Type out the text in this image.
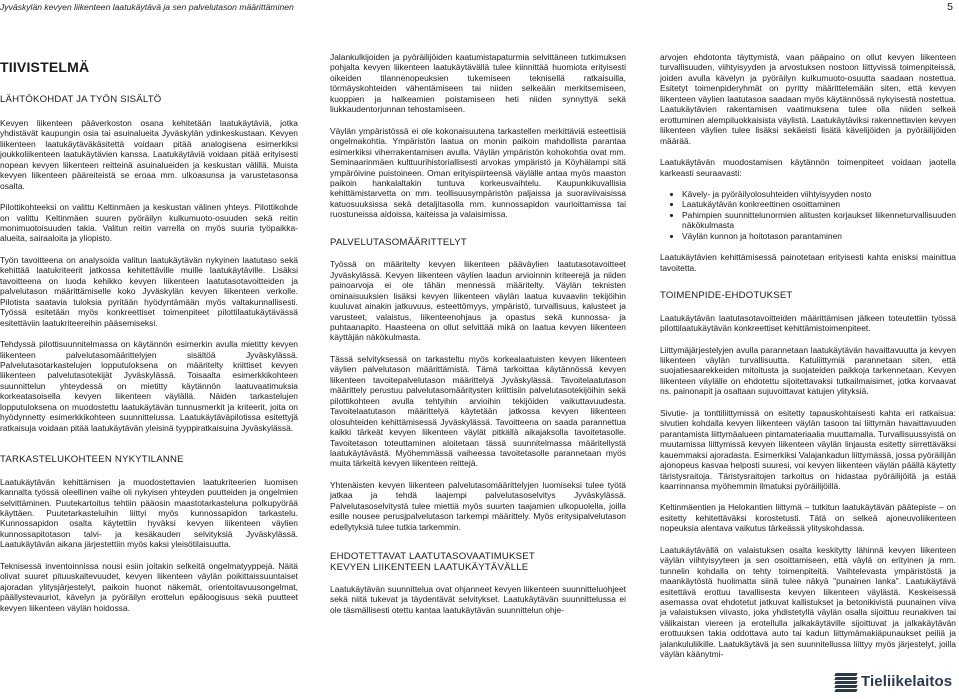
Jyväskylän kevyen liikenteen laatukäytävä ja sen palvelutason määrittäminen	5
TIIVISTELMÄ
LÄHTÖKOHDAT JA TYÖN SISÄLTÖ

Kevyen liikenteen pääverkoston osana kehitetään laatukäytäviä, jotka yhdistävät kaupungin osia tai asuinalueita Jyväskylän ydinkeskustaan. Kevyen liikenteen laatukäytäväkäsitettä voidaan pitää analogisena esimerkiksi joukkoliikenteen laatukäytävien kanssa. Laatukäytäviä voidaan pitää erityisesti nopean kevyen liikenteen reitteinä asuinalueiden ja keskustan välillä. Muista kevyen liikenteen pääreiteistä se eroaa mm. ulkoasunsa ja varustetasonsa osalta.

Pilottikohteeksi on valittu Keltinmäen ja keskustan välinen yhteys. Pilottikohde on valittu Keltinmäen suuren pyöräilyn kulkumuoto-osuuden sekä reitin monimuotoisuuden takia. Valitun reitin varrella on myös suuria työpaikka-alueita, sairaaloita ja yliopisto.

Työn tavoitteena on analysoida valitun laatukäytävän nykyinen laatutaso sekä kehittää laatukriteerit jatkossa kehitettäville muille laatukäytäville. Lisäksi tavoitteena on luoda kehikko kevyen liikenteen laatutasotavoitteiden ja palvelutason määrittämiselle koko Jyväskylän kevyen liikenteen verkolle. Pilotista saatavia tuloksia pyritään hyödyntämään myös valtakunnallisesti. Työssä esitetään myös konkreettiset toimenpiteet pilottilaatukäytävässä esitettäviin laatukriteereihin pääsemiseksi.

Tehdyssä pilottisuunnitelmassa on käytännön esimerkin avulla mietitty kevyen liikenteen palvelutasomäärittelyjen sisältöä Jyväskylässä. Palvelutasotarkastelujen lopputuloksena on määritelty kriittiset kevyen liikenteen palvelutasotekijät Jyväskylässä. Toisaalta esimerkkikohteen suunnittelun yhteydessä on mietitty käytännön laatuvaatimuksia korkeatasoisella kevyen liikenteen väylällä. Näiden tarkastelujen lopputuloksena on muodostettu laatukäytävän tunnusmerkit ja kriteerit, joita on hyödynnetty esimerkkikohteen suunnittelussa. Laatukäytäväpilotissa esitettyjä ratkaisuja voidaan pitää laatukäytävän yleisinä tyyppiratkaisuina Jyväskylässä.

TARKASTELUKOHTEEN NYKYTILANNE

Laatukäytävän kehittämisen ja muodostettavien laatukriteerien luomisen kannalta työssä oleellinen vaihe oli nykyisen yhteyden puutteiden ja ongelmien selvittäminen. Puutekartoitus tehtiin pääosin maastotarkasteluna polkupyörää käyttäen. Puutetarkasteluihin liittyi myös kunnossapidon tarkastelu. Kunnossapidon osalta käytettiin hyväksi kevyen liikenteen väylien kunnossapitotason talvi- ja kesäkauden selvityksiä Jyväskylässä. Laatukäytävän aikana järjestettiin myös kaksi yleisötilaisuutta.

Teknisessä inventoinnissa nousi esiin joitakin selkeitä ongelmatyyppejä. Näitä olivat suuret pituuskaltevuudet, kevyen liikenteen väylän poikittaissuuntaiset ajoradan ylitysjärjestelyt, paikoin huonot näkemät, orientoitavuusongelmat, päällystevauriot, kävelyn ja pyöräilyn erottelun epäloogisuus sekä puutteet kevyen liikenteen väylän hoidossa.

Jalankulkijoiden ja pyöräilijöiden kaatumistapaturmia selvittäneen tutkimuksen pohjalta kevyen liikenteen laatukäytävällä tulee kiinnittää huomiota erityisesti oikeiden tilannenopeuksien tukemiseen teknisellä ratkaisuilla, törmäyskohteiden vähentämiseen tai niiden selkeään merkitsemiseen, kuoppien ja halkeamien poistamiseen heti niiden synnyttyä sekä liukkaudentorjunnan tehostamiseen.

Väylän ympäristössä ei ole kokonaisuutena tarkastellen merkittäviä esteettisiä ongelmakohtia. Ympäristön laatua on monin paikoin mahdollista parantaa esimerkiksi viherrakentamisen avulla. Väylän ympäristön kohokohtia ovat mm. Seminaarinmäen kulttuurihistoriallisesti arvokas ympäristö ja Köyhälampi sitä ympäröivine puistoineen. Oman erityispiirteensä väylälle antaa myös maaston paikoin hankalaltakin tuntuva korkeusvaihtelu. Kaupunkikuvallisia kehittämistarvetta on mm. teollisuusympäristön paljaissa ja suoraviivaisissa katuosuuksissa sekä detaljitasolla mm. kunnossapidon vaurioittamissa tai ruostuneissa aidoissa, kaiteissa ja valaisimissa.

PALVELUTASOMÄÄRITTELYT

Työssä on määritelty kevyen liikenteen pääväylien laatutasotavoitteet Jyväskylässä. Kevyen liikenteen väylien laadun arvioinnin kriteerejä ja niiden painoarvoja ei ole tähän mennessä määritelty. Väylän teknisten ominaisuuksien lisäksi kevyen liikenteen väylän laatua kuvaaviin tekijöihin kuuluvat ainakin jatkuvuus, esteettömyys, ympäristö, turvallisuus, kalusteet ja varusteet, valaistus, liikenteenohjaus ja opastus sekä kunnossa- ja puhtaanapito. Haasteena on ollut selvittää mikä on laatua kevyen liikenteen käyttäjän näkökulmasta.

Tässä selvityksessä on tarkasteltu myös korkealaatuisten kevyen liikenteen väylien palvelutason määrittämistä. Tämä tarkoittaa käytännössä kevyen liikenteen tavoitepalvelutason määrittelyä Jyväskylässä. Tavoitelaatutason määrittely perustuu palvelutasomääritysten kriittisiin palvelutasotekijöihin sekä pilottikohteen avulla tehtyihin arvioihin tekijöiden vaikuttavuudesta. Tavoitelaatutason määrittelyä käytetään jatkossa kevyen liikenteen olosuhteiden kehittämisessä Jyväskylässä. Tavoitteena on saada parannettua kaikki tärkeät kevyen liikenteen väylät pitkällä aikajaksolla tavoitetasolle. Tavoitetason toteuttaminen aloitetaan tässä suunnitelmassa määritellystä laatukäytävästä. Myöhemmässä vaiheessa tavoitetasolle parannetaan myös muita tärkeitä kevyen liikenteen reittejä.

Yhtenäisten kevyen liikenteen palvelutasomäärittelyjen luomiseksi tulee työtä jatkaa ja tehdä laajempi palvelutasoselvitys Jyväskylässä. Palvelutasoselvitystä tulee miettiä myös suurten taajamien ulkopuolella, joilla esille nousee perusjpalvelutason tarkempi määrittely. Myös eritysipalvelutason edellytyksiä tulee tutkia tarkemmin.

EHDOTETTAVAT LAATUTASOVAATIMUKSET
KEVYEN LIIKENTEEN LAATUKÄYTÄVÄLLE

Laatukäytävän suunnittelua ovat ohjanneet kevyen liikenteen suunnitteluohjeet sekä niitä tukevat ja täydentävät selvitykset. Laatukäytävän suunnittelussa ei ole täsmällisesti otettu kantaa laatukäytävän suunnittelun ohje-

arvojen ehdotonta täyttymistä, vaan pääpaino on ollut kevyen liikenteen turvallisuuden, viihtyisyyden ja arvostuksen nostoon liittyvissä toimenpiteissä, joiden avulla kävelyn ja pyöräilyn kulkumuoto-osuutta saadaan nostettua. Esitetyt toimenpideryhmät on pyritty määrittelemään siten, että kevyen liikenteen väylien laatutasoa saadaan myös käytännössä nykyisestä nostettua. Laatukäytävien rakentamisen vaatimuksena tulee olla niiden selkeä erottuminen alempiluokkaisista väylistä. Laatukäytäviksi rakennettavien kevyen liikenteen väylien tulee lisäksi sekäeisti lisätä kävelijöiden ja pyöräilijöiden määrää.

Laatukäytävän muodostamisen käytännön toimenpiteet voidaan jaotella karkeasti seuraavasti:

• Kävely- ja pyöräilyolosuhteiden viihtyisyyden nosto
• Laatukäytävän konkreettinen osoittaminen
• Pahimpien suunnittelunormien alitusten korjaukset liikenneturvallisuuden näkökulmasta
• Väylän kunnon ja hoitotason parantaminen

Laatukäytävien kehittämisessä painotetaan erityisesti kahta enisksi mainittua tavoitetta.

TOIMENPIDE-EHDOTUKSET

Laatukäytävän laatutasotavoitteiden määrittämisen jälkeen toteutettiin työssä pilottilaatukäytävän konkreettiset kehittämistoimenpiteet.

Liittymäjärjestelyjen avulla parannetaan laatukäytävän havaittavuutta ja kevyen liikenteen väylän turvallisuutta. Katuliittymiä parannetaan siten, että suojatiesaarekkeiden mitoitusta ja suojateiden paikkoja tarkennetaan. Kevyen liikenteen väylälle on ehdotettu sijoitettavaksi tutkailmaisimet, jotka korvaavat ns. painonapit ja osaltaan sujuvoittavat katujen ylityksiä.

Sivutie- ja tonttiliittymissä on esitetty tapauskohtaisesti kahta eri ratkaisua: sivutien kohdalla kevyen liikenteen väylän tasoon tai liittymän havaittavuuden parantamista liittymäalueen pintamateriaalia muuttamalla. Turvallisuussyistä on muutamissa liittymissä kevyen liikenteen väylän linjausta esitetty siirrettäväksi kauemmaksi ajoradasta. Esimerkiksi Valajankadun liittymässä, jossa pyöräilijän ajonopeus kasvaa helposti suuresi, voi kevyen liikenteen väylän päällä käytetty täristysraitoja. Täristysraitojen tarkoitus on hidastaa pyöräilijöitä ja estää kaarrinnansa myöhemmin ilmatuksi pyöräilijöillä.

Keltinmäentien ja Helokantien liittymä – tutkitun laatukäytävän päätepiste – on esitetty kehitettäväksi korostetusti. Tätä on selkeä ajoneuvoliikenteen nopeuksia alentava vaikutus tärkeässä ylityskohdassa.

Laatukäytävällä on valaistuksen osalta keskitytty lähinnä kevyen liikenteen väylän viihtyisyyteen ja sen osoittamiseen, että väylä on erityinen ja mm. tunnelin kohdalla on tehty toimenpiteitä. Vaihtelevasta ympäristöstä ja maankäytöstä huolimatta siinä tulee näkyä "punainen lanka". Laatukäytävä esitettävä erottuu tavallisesta kevyen liikenteen väylästä. Keskeisessä asemassa ovat ehdotetut jatkuvat kallistukset ja betonikivistä puunainen viiva ja valaistuksen viivasto, joka yhdistetyllä väylän osalla sijoittuu reunakiven tai välikaistan viereen ja erotellulla jalkakäytäville sijoittuvat ja jalkakäytävän erottuuksen takia oddottava auto tai kadun liittymämakiäpunaukset peiliä ja jalankululiikille. Laatukäytävä ja sen suunnitellussa liittyy myös järjestelyt, joilla väylän käänytmi-

Tieliikelaitos
